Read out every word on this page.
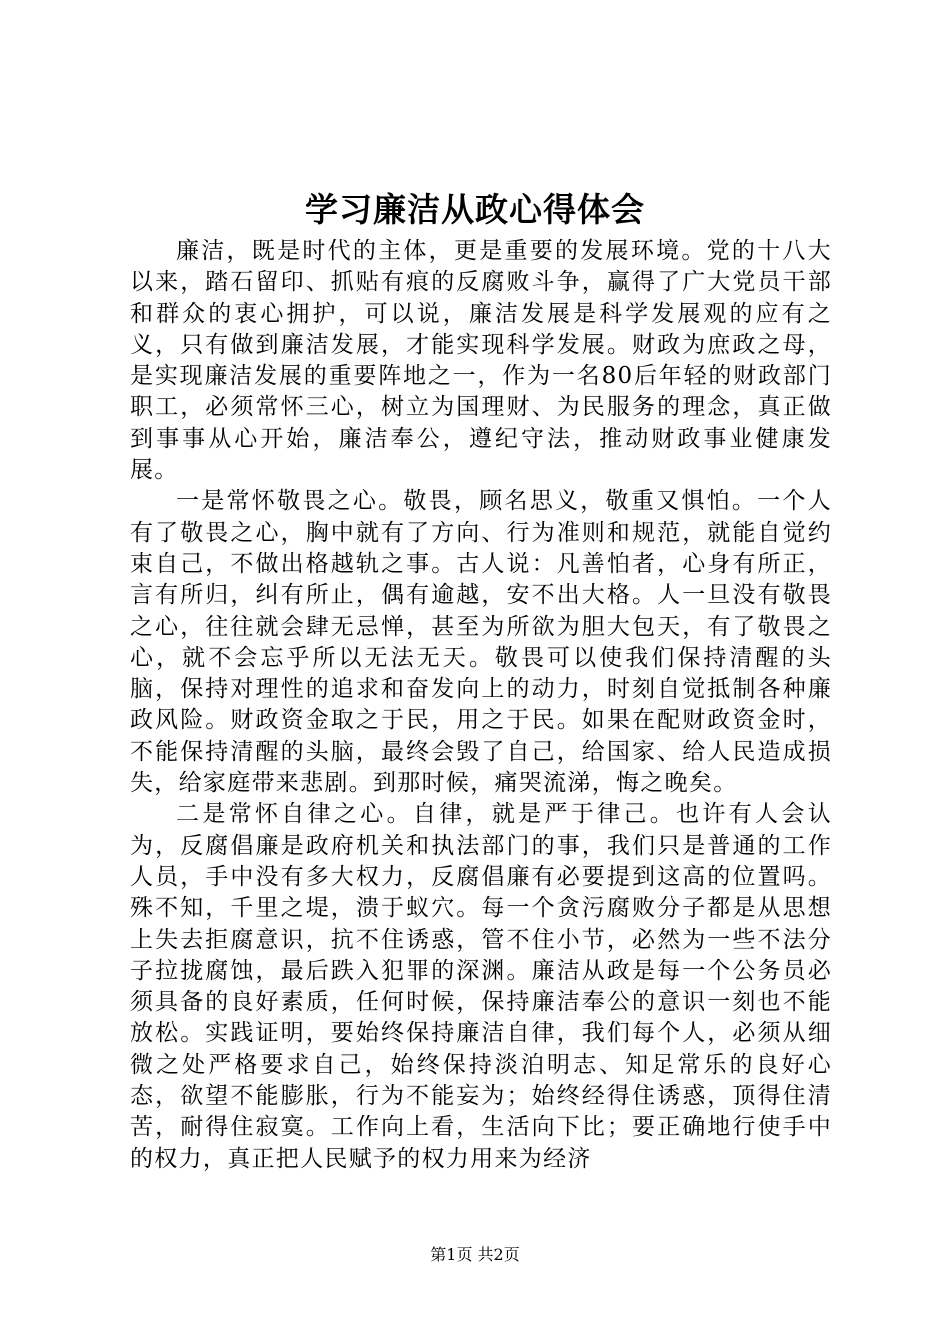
学习廉洁从政心得体会

廉洁，既是时代的主体，更是重要的发展环境。党的十八大以来，踏石留印、抓贴有痕的反腐败斗争，赢得了广大党员干部和群众的衷心拥护，可以说，廉洁发展是科学发展观的应有之义，只有做到廉洁发展，才能实现科学发展。财政为庶政之母，是实现廉洁发展的重要阵地之一，作为一名80后年轻的财政部门职工，必须常怀三心，树立为国理财、为民服务的理念，真正做到事事从心开始，廉洁奉公，遵纪守法，推动财政事业健康发展。

一是常怀敬畏之心。敬畏，顾名思义，敬重又惧怕。一个人有了敬畏之心，胸中就有了方向、行为准则和规范，就能自觉约束自己，不做出格越轨之事。古人说：凡善怕者，心身有所正，言有所归，纠有所止，偶有逾越，安不出大格。人一旦没有敬畏之心，往往就会肆无忌惮，甚至为所欲为胆大包天，有了敬畏之心，就不会忘乎所以无法无天。敬畏可以使我们保持清醒的头脑，保持对理性的追求和奋发向上的动力，时刻自觉抵制各种廉政风险。财政资金取之于民，用之于民。如果在配财政资金时，不能保持清醒的头脑，最终会毁了自己，给国家、给人民造成损失，给家庭带来悲剧。到那时候，痛哭流涕，悔之晚矣。

二是常怀自律之心。自律，就是严于律己。也许有人会认为，反腐倡廉是政府机关和执法部门的事，我们只是普通的工作人员，手中没有多大权力，反腐倡廉有必要提到这高的位置吗。殊不知，千里之堤，溃于蚁穴。每一个贪污腐败分子都是从思想上失去拒腐意识，抗不住诱惑，管不住小节，必然为一些不法分子拉拢腐蚀，最后跌入犯罪的深渊。廉洁从政是每一个公务员必须具备的良好素质，任何时候，保持廉洁奉公的意识一刻也不能放松。实践证明，要始终保持廉洁自律，我们每个人，必须从细微之处严格要求自己，始终保持淡泊明志、知足常乐的良好心态，欲望不能膨胀，行为不能妄为；始终经得住诱惑，顶得住清苦，耐得住寂寞。工作向上看，生活向下比；要正确地行使手中的权力，真正把人民赋予的权力用来为经济

第1页 共2页
